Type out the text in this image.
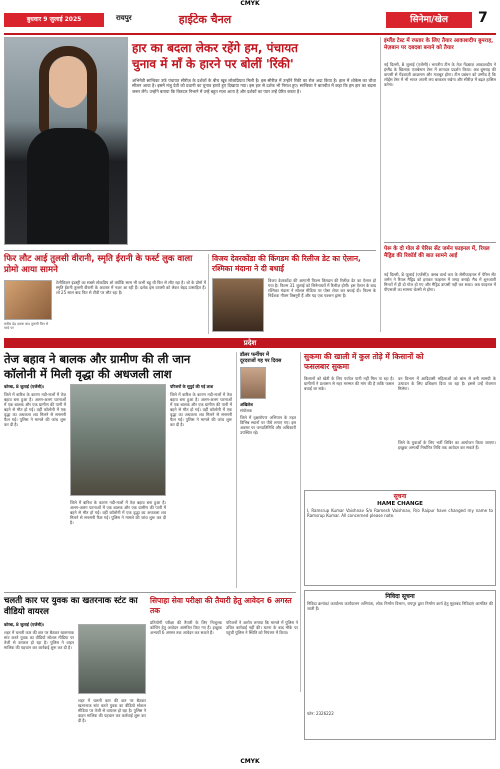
CMYK
बुधवार 9 जुलाई 2025	रायपुर	हाईटेक चैनल	सिनेमा/खेल	7
हार का बदला लेकर रहेंगे हम, पंचायत
चुनाव में माँ के हारने पर बोलीं 'रिंकी'
अभिनेत्री सान्विका उर्फ पंचायत सीरीज़ के दर्शकों के बीच खूब लोकप्रियता मिली है। इस सीरीज़ में उन्होंने रिंकी का रोल अदा किया है। हाल में शोकेस का चौथा सीजन आया है। इसमें मंजू देवी को प्रधानी का चुनाव हारते हुए दिखाया गया। इस हार से दर्शक भी निराश हुए। सान्विका ने बातचीत में कहा कि हम हार का बदला जरूर लेंगे। उन्होंने बताया कि किरदार निभाने में उन्हें बहुत मज़ा आता है और दर्शकों का प्यार उन्हें प्रेरित करता है।
इंग्लैंड टेस्ट में रफ्तार के लिए तैयार आकाशदीप बुमराह, मेज़बान पर दबदबा बनाने को तैयार
नई दिल्ली, 8 जुलाई (एजेंसी)। भारतीय टीम के तेज़ गेंदबाज़ आकाशदीप ने इंग्लैंड के खिलाफ़ एजबेस्टन टेस्ट में शानदार प्रदर्शन किया। अब बुमराह की वापसी से गेंदबाज़ी आक्रमण और मज़बूत होगा। टीम प्रबंधन को उम्मीद है कि लॉर्ड्स टेस्ट में भी भारत अपनी लय बरकरार रखेगा और सीरीज़ में बढ़त हासिल करेगा।
पेरू के दो गोल से पेरिस सेंट जर्मन फाइनल में, रियल मैड्रिड की रिकॉर्ड की बात सामने आई
नई दिल्ली, 8 जुलाई (एजेंसी)। क्लब वर्ल्ड कप के सेमीफाइनल में पेरिस सेंट जर्मन ने रियल मैड्रिड को हराकर फाइनल में जगह बनाई। मैच में शुरुआती मिनटों में ही दो गोल हो गए और मैड्रिड वापसी नहीं कर सका। अब फाइनल में पीएसजी का सामना चेल्सी से होगा।
फिर लौट आई तुलसी वीरानी, स्मृति ईरानी के फर्स्ट लुक वाला प्रोमो आया सामने
टेलीविज़न इंडस्ट्री का सबसे लोकप्रिय शो क्योंकि सास भी कभी बहू थी फिर से लौट रहा है। शो के प्रोमो में स्मृति ईरानी तुलसी वीरानी के अवतार में नज़र आ रही हैं। दर्शक इस वापसी को लेकर बेहद उत्साहित हैं। शो 25 साल बाद फिर से टीवी पर लौट रहा है।
करीब डेढ़ दशक बाद तुलसी फिर से परदे पर
विजय देवरकोंडा की किंगडम की रिलीज डेट का ऐलान, रश्मिका मंदाना ने दी बधाई
विजय देवरकोंडा की आगामी फिल्म किंगडम की रिलीज़ डेट का ऐलान हो गया है। फिल्म 31 जुलाई को सिनेमाघरों में रिलीज़ होगी। इस ऐलान के बाद रश्मिका मंदाना ने सोशल मीडिया पर पोस्ट शेयर कर बधाई दी। फिल्म के निर्देशक गौतम तिन्ननुरी हैं और यह एक एक्शन ड्रामा है।
प्रदेश
तेज बहाव ने बालक और ग्रामीण की ली जान
कॉलोनी में मिली वृद्धा की अधजली लाश
कोरबा, 8 जुलाई (एजेंसी)।
जिले में बारिश के कारण नदी-नालों में तेज़ बहाव बना हुआ है। अलग-अलग घटनाओं में एक बालक और एक ग्रामीण की पानी में बहने से मौत हो गई। वहीं कॉलोनी में एक वृद्धा का अधजला शव मिलने से सनसनी फैल गई। पुलिस ने मामले की जांच शुरू कर दी है।
जिले में बारिश के कारण नदी-नालों में तेज़ बहाव बना हुआ है। अलग-अलग घटनाओं में एक बालक और एक ग्रामीण की पानी में बहने से मौत हो गई। वहीं कॉलोनी में एक वृद्धा का अधजला शव मिलने से सनसनी फैल गई। पुलिस ने मामले की जांच शुरू कर दी है।
परिजनों के सुपुर्द की गई लाश
जिले में बारिश के कारण नदी-नालों में तेज़ बहाव बना हुआ है। अलग-अलग घटनाओं में एक बालक और एक ग्रामीण की पानी में बहने से मौत हो गई। वहीं कॉलोनी में एक वृद्धा का अधजला शव मिलने से सनसनी फैल गई। पुलिस ने मामले की जांच शुरू कर दी है।
डॉलर फर्नीचर में
दूरदराजों गह पर दिवस
अखिलेश
संयोजक
जिले में वृक्षारोपण अभियान के तहत विभिन्न स्थानों पर पौधे लगाए गए। इस अवसर पर जनप्रतिनिधि और अधिकारी उपस्थित रहे।
सुकमा की खाली में कुल तोड़े में किसानों को
फसलबार सुकमा
किसानों को खेती के लिए पर्याप्त पानी नहीं मिल पा रहा है। ग्रामीणों ने प्रशासन से नहर मरम्मत की मांग की है ताकि फसल बचाई जा सके।
वन विभाग में आदिवासी महिलाओं को बांस से बनी सामग्री के उत्पादन के लिए प्रशिक्षण दिया जा रहा है। इससे उन्हें रोजगार मिलेगा।
चलती कार पर युवक का खतरनाक स्टंट का वीडियो वायरल
कोरबा, 8 जुलाई (एजेंसी)।
शहर में चलती कार की छत पर बैठकर खतरनाक स्टंट करते युवक का वीडियो सोशल मीडिया पर तेजी से वायरल हो रहा है। पुलिस ने वाहन मालिक की पहचान कर कार्रवाई शुरू कर दी है।
शहर में चलती कार की छत पर बैठकर खतरनाक स्टंट करते युवक का वीडियो सोशल मीडिया पर तेजी से वायरल हो रहा है। पुलिस ने वाहन मालिक की पहचान कर कार्रवाई शुरू कर दी है।
सिपाहा सेवा परीक्षा की तैयारी हेतु आवेदन 6 अगस्त तक
प्रतियोगी परीक्षा की तैयारी के लिए निःशुल्क कोचिंग हेतु आवेदन आमंत्रित किए गए हैं। इच्छुक अभ्यर्थी 6 अगस्त तक आवेदन कर सकते हैं।
परिजनों ने आरोप लगाया कि मामले में पुलिस ने उचित कार्रवाई नहीं की। घटना के बाद मौके पर पहुंची पुलिस ने स्थिति को नियंत्रण में किया।
सूचना
HAME CHANGE
I, Ramsrup Kumar Vaishnav S/o Ramesh Vaishnav, R/o Raipur have changed my name to Ramsrup Kumar. All concerned please note.
निविदा सूचना
निविदा क्रमांक/ कार्यालय कार्यपालन अभियंता, लोक निर्माण विभाग, रायपुर द्वारा निर्माण कार्य हेतु मुहरबंद निविदाएं आमंत्रित की जाती हैं।
फोन: 2326222
जिले के युवाओं के लिए भर्ती शिविर का आयोजन किया जाएगा। इच्छुक अभ्यर्थी निर्धारित तिथि तक आवेदन कर सकते हैं।
CMYK
